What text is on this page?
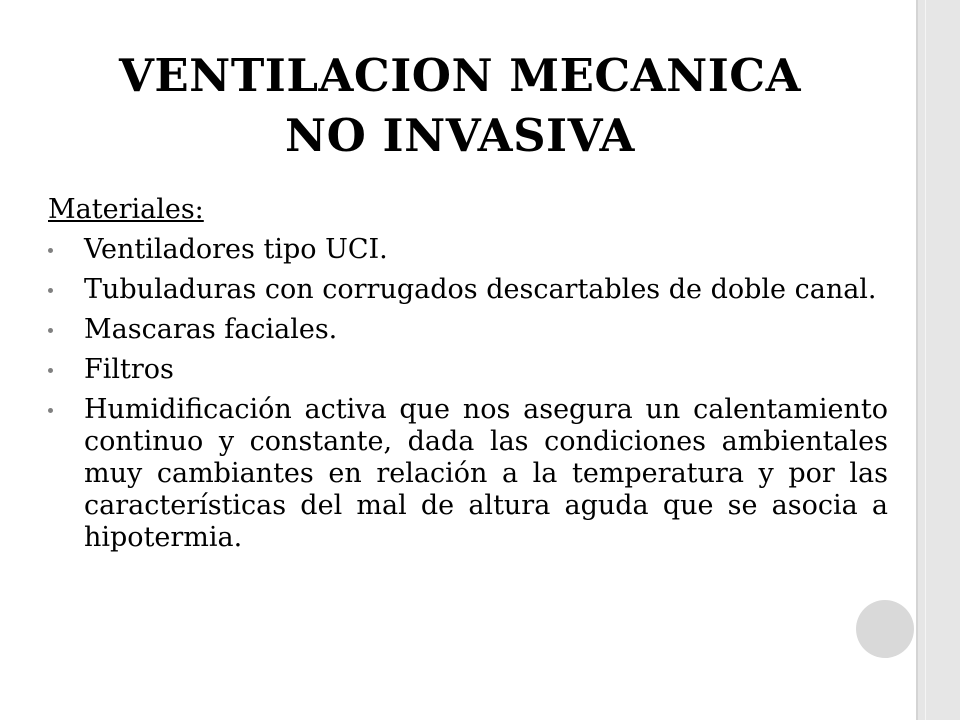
VENTILACION MECANICA
NO INVASIVA
Materiales:
Ventiladores tipo UCI.
Tubuladuras con corrugados descartables de doble canal.
Mascaras faciales.
Filtros
Humidificación activa que nos asegura un calentamiento continuo y constante, dada las condiciones ambientales muy cambiantes en relación a la temperatura y por las características del mal de altura aguda que se asocia a hipotermia.
